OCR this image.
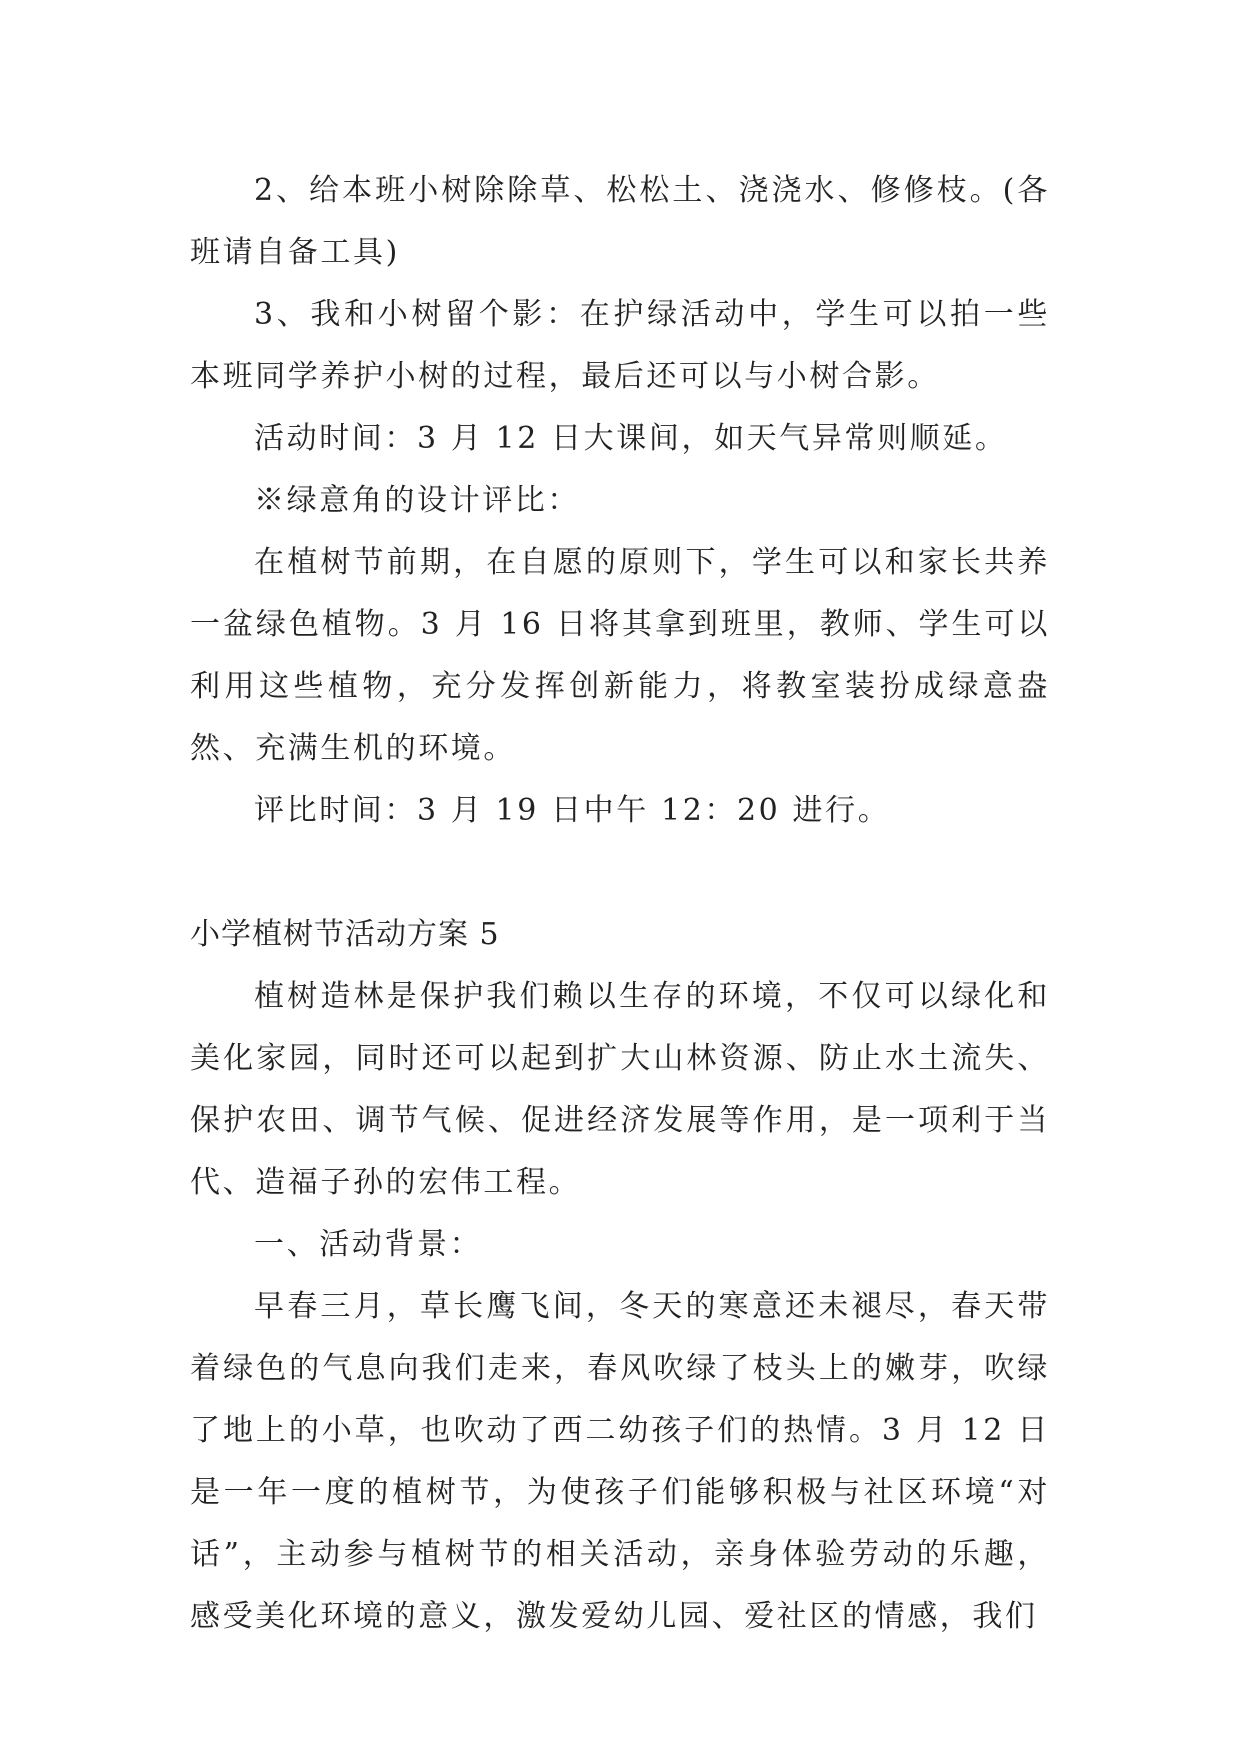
2、给本班小树除除草、松松土、浇浇水、修修枝。(各班请自备工具)

3、我和小树留个影：在护绿活动中，学生可以拍一些本班同学养护小树的过程，最后还可以与小树合影。

活动时间：3 月 12 日大课间，如天气异常则顺延。

※绿意角的设计评比：

在植树节前期，在自愿的原则下，学生可以和家长共养一盆绿色植物。3 月 16 日将其拿到班里，教师、学生可以利用这些植物，充分发挥创新能力，将教室装扮成绿意盎然、充满生机的环境。

评比时间：3 月 19 日中午 12：20 进行。

小学植树节活动方案 5

植树造林是保护我们赖以生存的环境，不仅可以绿化和美化家园，同时还可以起到扩大山林资源、防止水土流失、保护农田、调节气候、促进经济发展等作用，是一项利于当代、造福子孙的宏伟工程。

一、活动背景：

早春三月，草长鹰飞间，冬天的寒意还未褪尽，春天带着绿色的气息向我们走来，春风吹绿了枝头上的嫩芽，吹绿了地上的小草，也吹动了西二幼孩子们的热情。3 月 12 日是一年一度的植树节，为使孩子们能够积极与社区环境“对话”，主动参与植树节的相关活动，亲身体验劳动的乐趣，感受美化环境的意义，激发爱幼儿园、爱社区的情感，我们
